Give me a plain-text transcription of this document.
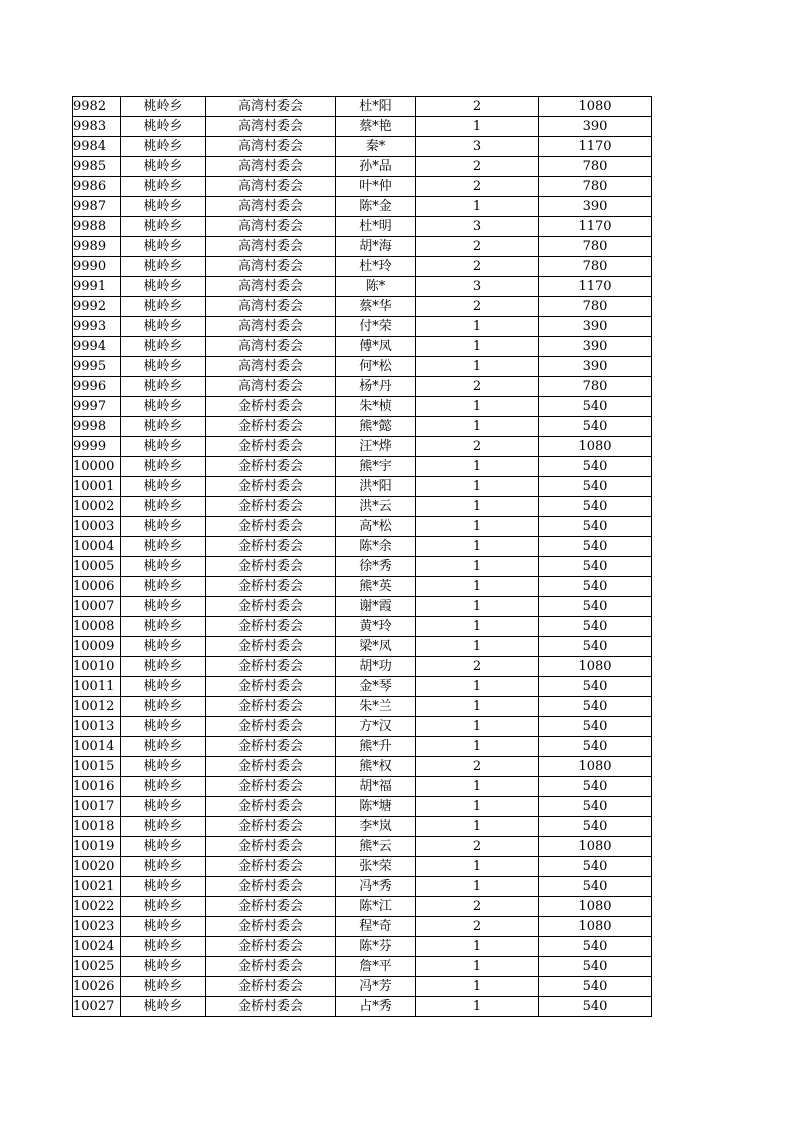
9982	桃岭乡	高湾村委会	杜*阳	2	1080
9983	桃岭乡	高湾村委会	蔡*艳	1	390
9984	桃岭乡	高湾村委会	秦*	3	1170
9985	桃岭乡	高湾村委会	孙*品	2	780
9986	桃岭乡	高湾村委会	叶*仲	2	780
9987	桃岭乡	高湾村委会	陈*金	1	390
9988	桃岭乡	高湾村委会	杜*明	3	1170
9989	桃岭乡	高湾村委会	胡*海	2	780
9990	桃岭乡	高湾村委会	杜*玲	2	780
9991	桃岭乡	高湾村委会	陈*	3	1170
9992	桃岭乡	高湾村委会	蔡*华	2	780
9993	桃岭乡	高湾村委会	付*荣	1	390
9994	桃岭乡	高湾村委会	傅*凤	1	390
9995	桃岭乡	高湾村委会	何*松	1	390
9996	桃岭乡	高湾村委会	杨*丹	2	780
9997	桃岭乡	金桥村委会	朱*桢	1	540
9998	桃岭乡	金桥村委会	熊*懿	1	540
9999	桃岭乡	金桥村委会	汪*烨	2	1080
10000	桃岭乡	金桥村委会	熊*宇	1	540
10001	桃岭乡	金桥村委会	洪*阳	1	540
10002	桃岭乡	金桥村委会	洪*云	1	540
10003	桃岭乡	金桥村委会	高*松	1	540
10004	桃岭乡	金桥村委会	陈*余	1	540
10005	桃岭乡	金桥村委会	徐*秀	1	540
10006	桃岭乡	金桥村委会	熊*英	1	540
10007	桃岭乡	金桥村委会	谢*霞	1	540
10008	桃岭乡	金桥村委会	黄*玲	1	540
10009	桃岭乡	金桥村委会	梁*凤	1	540
10010	桃岭乡	金桥村委会	胡*功	2	1080
10011	桃岭乡	金桥村委会	金*琴	1	540
10012	桃岭乡	金桥村委会	朱*兰	1	540
10013	桃岭乡	金桥村委会	方*汉	1	540
10014	桃岭乡	金桥村委会	熊*升	1	540
10015	桃岭乡	金桥村委会	熊*权	2	1080
10016	桃岭乡	金桥村委会	胡*福	1	540
10017	桃岭乡	金桥村委会	陈*塘	1	540
10018	桃岭乡	金桥村委会	李*岚	1	540
10019	桃岭乡	金桥村委会	熊*云	2	1080
10020	桃岭乡	金桥村委会	张*荣	1	540
10021	桃岭乡	金桥村委会	冯*秀	1	540
10022	桃岭乡	金桥村委会	陈*江	2	1080
10023	桃岭乡	金桥村委会	程*奇	2	1080
10024	桃岭乡	金桥村委会	陈*芬	1	540
10025	桃岭乡	金桥村委会	詹*平	1	540
10026	桃岭乡	金桥村委会	冯*芳	1	540
10027	桃岭乡	金桥村委会	占*秀	1	540
